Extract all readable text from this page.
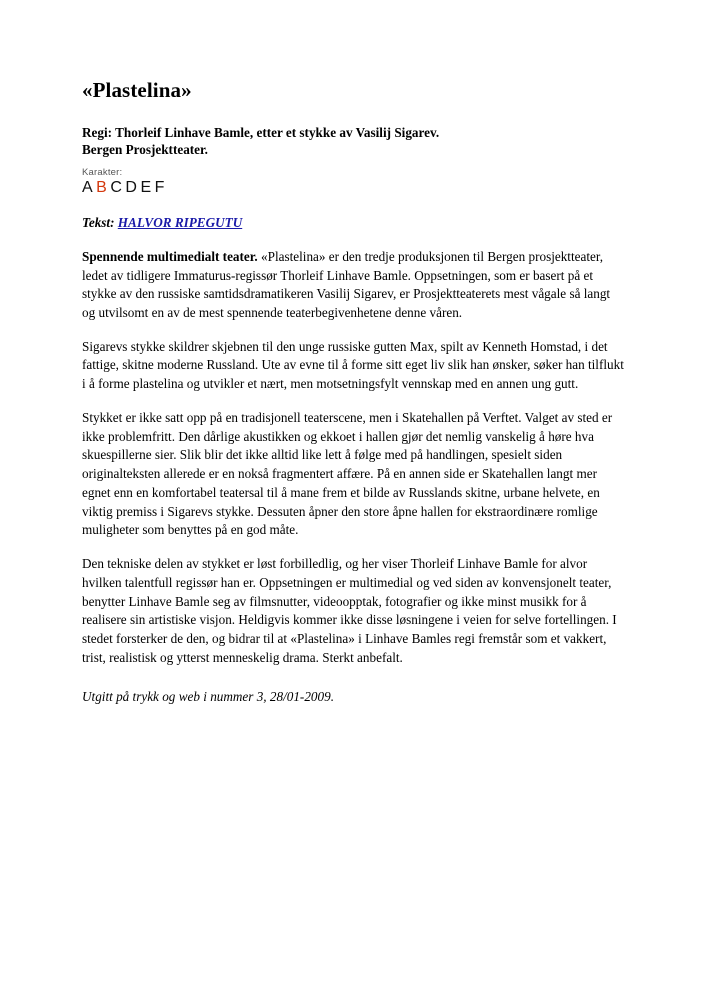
«Plastelina»
Regi: Thorleif Linhave Bamle, etter et stykke av Vasilij Sigarev.
Bergen Prosjektteater.
Karakter:
ABCDEF
Tekst: HALVOR RIPEGUTU

Spennende multimedialt teater. «Plastelina» er den tredje produksjonen til Bergen prosjektteater, ledet av tidligere Immaturus-regissør Thorleif Linhave Bamle. Oppsetningen, som er basert på et stykke av den russiske samtidsdramatikeren Vasilij Sigarev, er Prosjektteaterets mest vågale så langt og utvilsomt en av de mest spennende teaterbegivenhetene denne våren.

Sigarevs stykke skildrer skjebnen til den unge russiske gutten Max, spilt av Kenneth Homstad, i det fattige, skitne moderne Russland. Ute av evne til å forme sitt eget liv slik han ønsker, søker han tilflukt i å forme plastelina og utvikler et nært, men motsetningsfylt vennskap med en annen ung gutt.

Stykket er ikke satt opp på en tradisjonell teaterscene, men i Skatehallen på Verftet. Valget av sted er ikke problemfritt. Den dårlige akustikken og ekkoet i hallen gjør det nemlig vanskelig å høre hva skuespillerne sier. Slik blir det ikke alltid like lett å følge med på handlingen, spesielt siden originalteksten allerede er en nokså fragmentert affære. På en annen side er Skatehallen langt mer egnet enn en komfortabel teatersal til å mane frem et bilde av Russlands skitne, urbane helvete, en viktig premiss i Sigarevs stykke. Dessuten åpner den store åpne hallen for ekstraordinære romlige muligheter som benyttes på en god måte.

Den tekniske delen av stykket er løst forbilledlig, og her viser Thorleif Linhave Bamle for alvor hvilken talentfull regissør han er. Oppsetningen er multimedial og ved siden av konvensjonelt teater, benytter Linhave Bamle seg av filmsnutter, videoopptak, fotografier og ikke minst musikk for å realisere sin artistiske visjon. Heldigvis kommer ikke disse løsningene i veien for selve fortellingen. I stedet forsterker de den, og bidrar til at «Plastelina» i Linhave Bamles regi fremstår som et vakkert, trist, realistisk og ytterst menneskelig drama. Sterkt anbefalt.

Utgitt på trykk og web i nummer 3, 28/01-2009.
